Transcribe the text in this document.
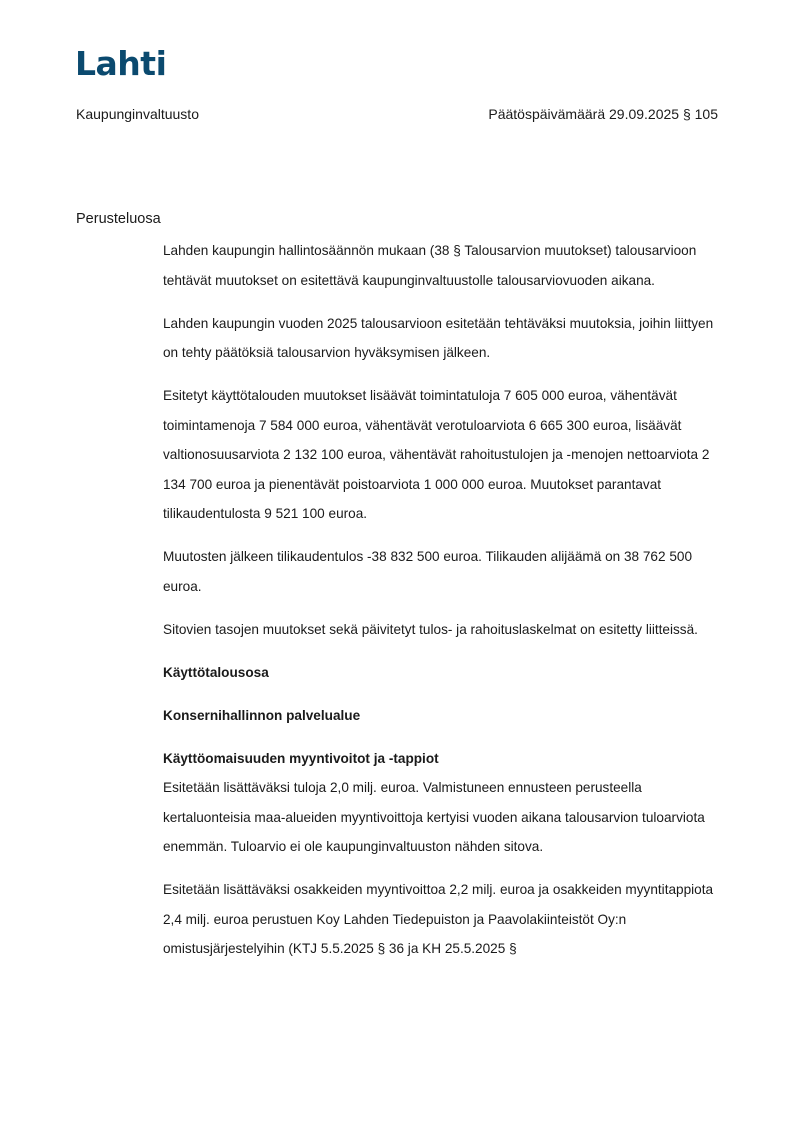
Lahti
Kaupunginvaltuusto	Päätöspäivämäärä 29.09.2025 § 105
Perusteluosa

Lahden kaupungin hallintosäännön mukaan (38 § Talousarvion muutokset) talousarvioon tehtävät muutokset on esitettävä kaupunginvaltuustolle talousarviovuoden aikana.

Lahden kaupungin vuoden 2025 talousarvioon esitetään tehtäväksi muutoksia, joihin liittyen on tehty päätöksiä talousarvion hyväksymisen jälkeen.

Esitetyt käyttötalouden muutokset lisäävät toimintatuloja 7 605 000 euroa, vähentävät toimintamenoja 7 584 000 euroa, vähentävät verotuloarviota 6 665 300 euroa, lisäävät valtionosuusarviota 2 132 100 euroa, vähentävät rahoitustulojen ja -menojen nettoarviota 2 134 700 euroa ja pienentävät poistoarviota 1 000 000 euroa. Muutokset parantavat tilikaudentulosta 9 521 100 euroa.

Muutosten jälkeen tilikaudentulos -38 832 500 euroa. Tilikauden alijäämä on 38 762 500 euroa.

Sitovien tasojen muutokset sekä päivitetyt tulos- ja rahoituslaskelmat on esitetty liitteissä.

Käyttötalousosa
Konsernihallinnon palvelualue
Käyttöomaisuuden myyntivoitot ja -tappiot

Esitetään lisättäväksi tuloja 2,0 milj. euroa. Valmistuneen ennusteen perusteella kertaluonteisia maa-alueiden myyntivoittoja kertyisi vuoden aikana talousarvion tuloarviota enemmän. Tuloarvio ei ole kaupunginvaltuuston nähden sitova.

Esitetään lisättäväksi osakkeiden myyntivoittoa 2,2 milj. euroa ja osakkeiden myyntitappiota 2,4 milj. euroa perustuen Koy Lahden Tiedepuiston ja Paavolakiinteistöt Oy:n omistusjärjestelyihin (KTJ 5.5.2025 § 36 ja KH 25.5.2025 §
